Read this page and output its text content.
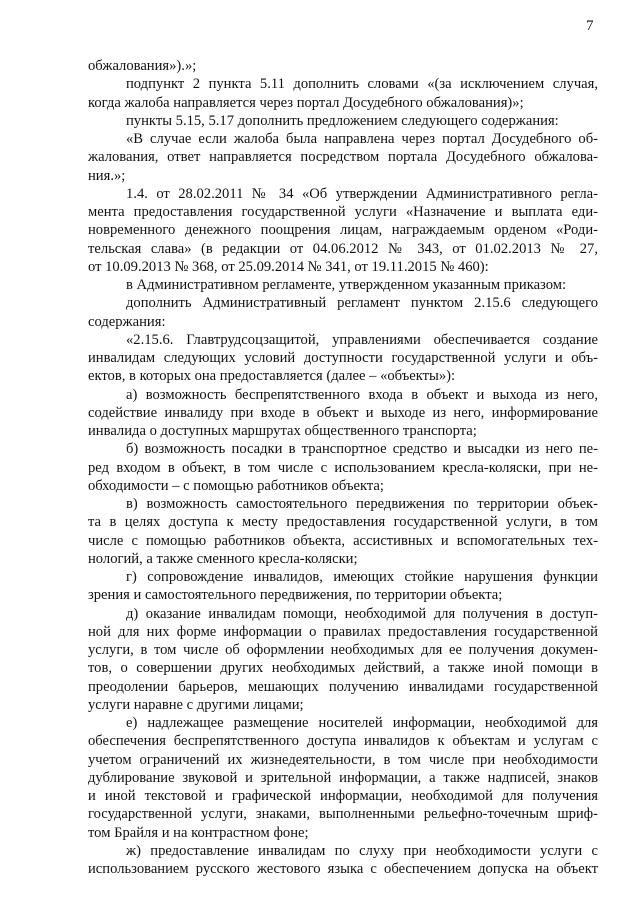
7
обжалования»).»;
подпункт 2 пункта 5.11 дополнить словами «(за исключением случая,
когда жалоба направляется через портал Досудебного обжалования)»;
пункты 5.15, 5.17 дополнить предложением следующего содержания:
«В случае если жалоба была направлена через портал Досудебного об-
жалования, ответ направляется посредством портала Досудебного обжалова-
ния.»;
1.4. от 28.02.2011 № 34 «Об утверждении Административного регла-
мента предоставления государственной услуги «Назначение и выплата еди-
новременного денежного поощрения лицам, награждаемым орденом «Роди-
тельская слава» (в редакции от 04.06.2012 № 343, от 01.02.2013 № 27,
от 10.09.2013 № 368, от 25.09.2014 № 341, от 19.11.2015 № 460):
в Административном регламенте, утвержденном указанным приказом:
дополнить Административный регламент пунктом 2.15.6 следующего
содержания:
«2.15.6. Главтрудсоцзащитой, управлениями обеспечивается создание
инвалидам следующих условий доступности государственной услуги и объ-
ектов, в которых она предоставляется (далее – «объекты»):
а) возможность беспрепятственного входа в объект и выхода из него,
содействие инвалиду при входе в объект и выходе из него, информирование
инвалида о доступных маршрутах общественного транспорта;
б) возможность посадки в транспортное средство и высадки из него пе-
ред входом в объект, в том числе с использованием кресла-коляски, при не-
обходимости – с помощью работников объекта;
в) возможность самостоятельного передвижения по территории объек-
та в целях доступа к месту предоставления государственной услуги, в том
числе с помощью работников объекта, ассистивных и вспомогательных тех-
нологий, а также сменного кресла-коляски;
г) сопровождение инвалидов, имеющих стойкие нарушения функции
зрения и самостоятельного передвижения, по территории объекта;
д) оказание инвалидам помощи, необходимой для получения в доступ-
ной для них форме информации о правилах предоставления государственной
услуги, в том числе об оформлении необходимых для ее получения докумен-
тов, о совершении других необходимых действий, а также иной помощи в
преодолении барьеров, мешающих получению инвалидами государственной
услуги наравне с другими лицами;
е) надлежащее размещение носителей информации, необходимой для
обеспечения беспрепятственного доступа инвалидов к объектам и услугам с
учетом ограничений их жизнедеятельности, в том числе при необходимости
дублирование звуковой и зрительной информации, а также надписей, знаков
и иной текстовой и графической информации, необходимой для получения
государственной услуги, знаками, выполненными рельефно-точечным шриф-
том Брайля и на контрастном фоне;
ж) предоставление инвалидам по слуху при необходимости услуги с
использованием русского жестового языка с обеспечением допуска на объект
